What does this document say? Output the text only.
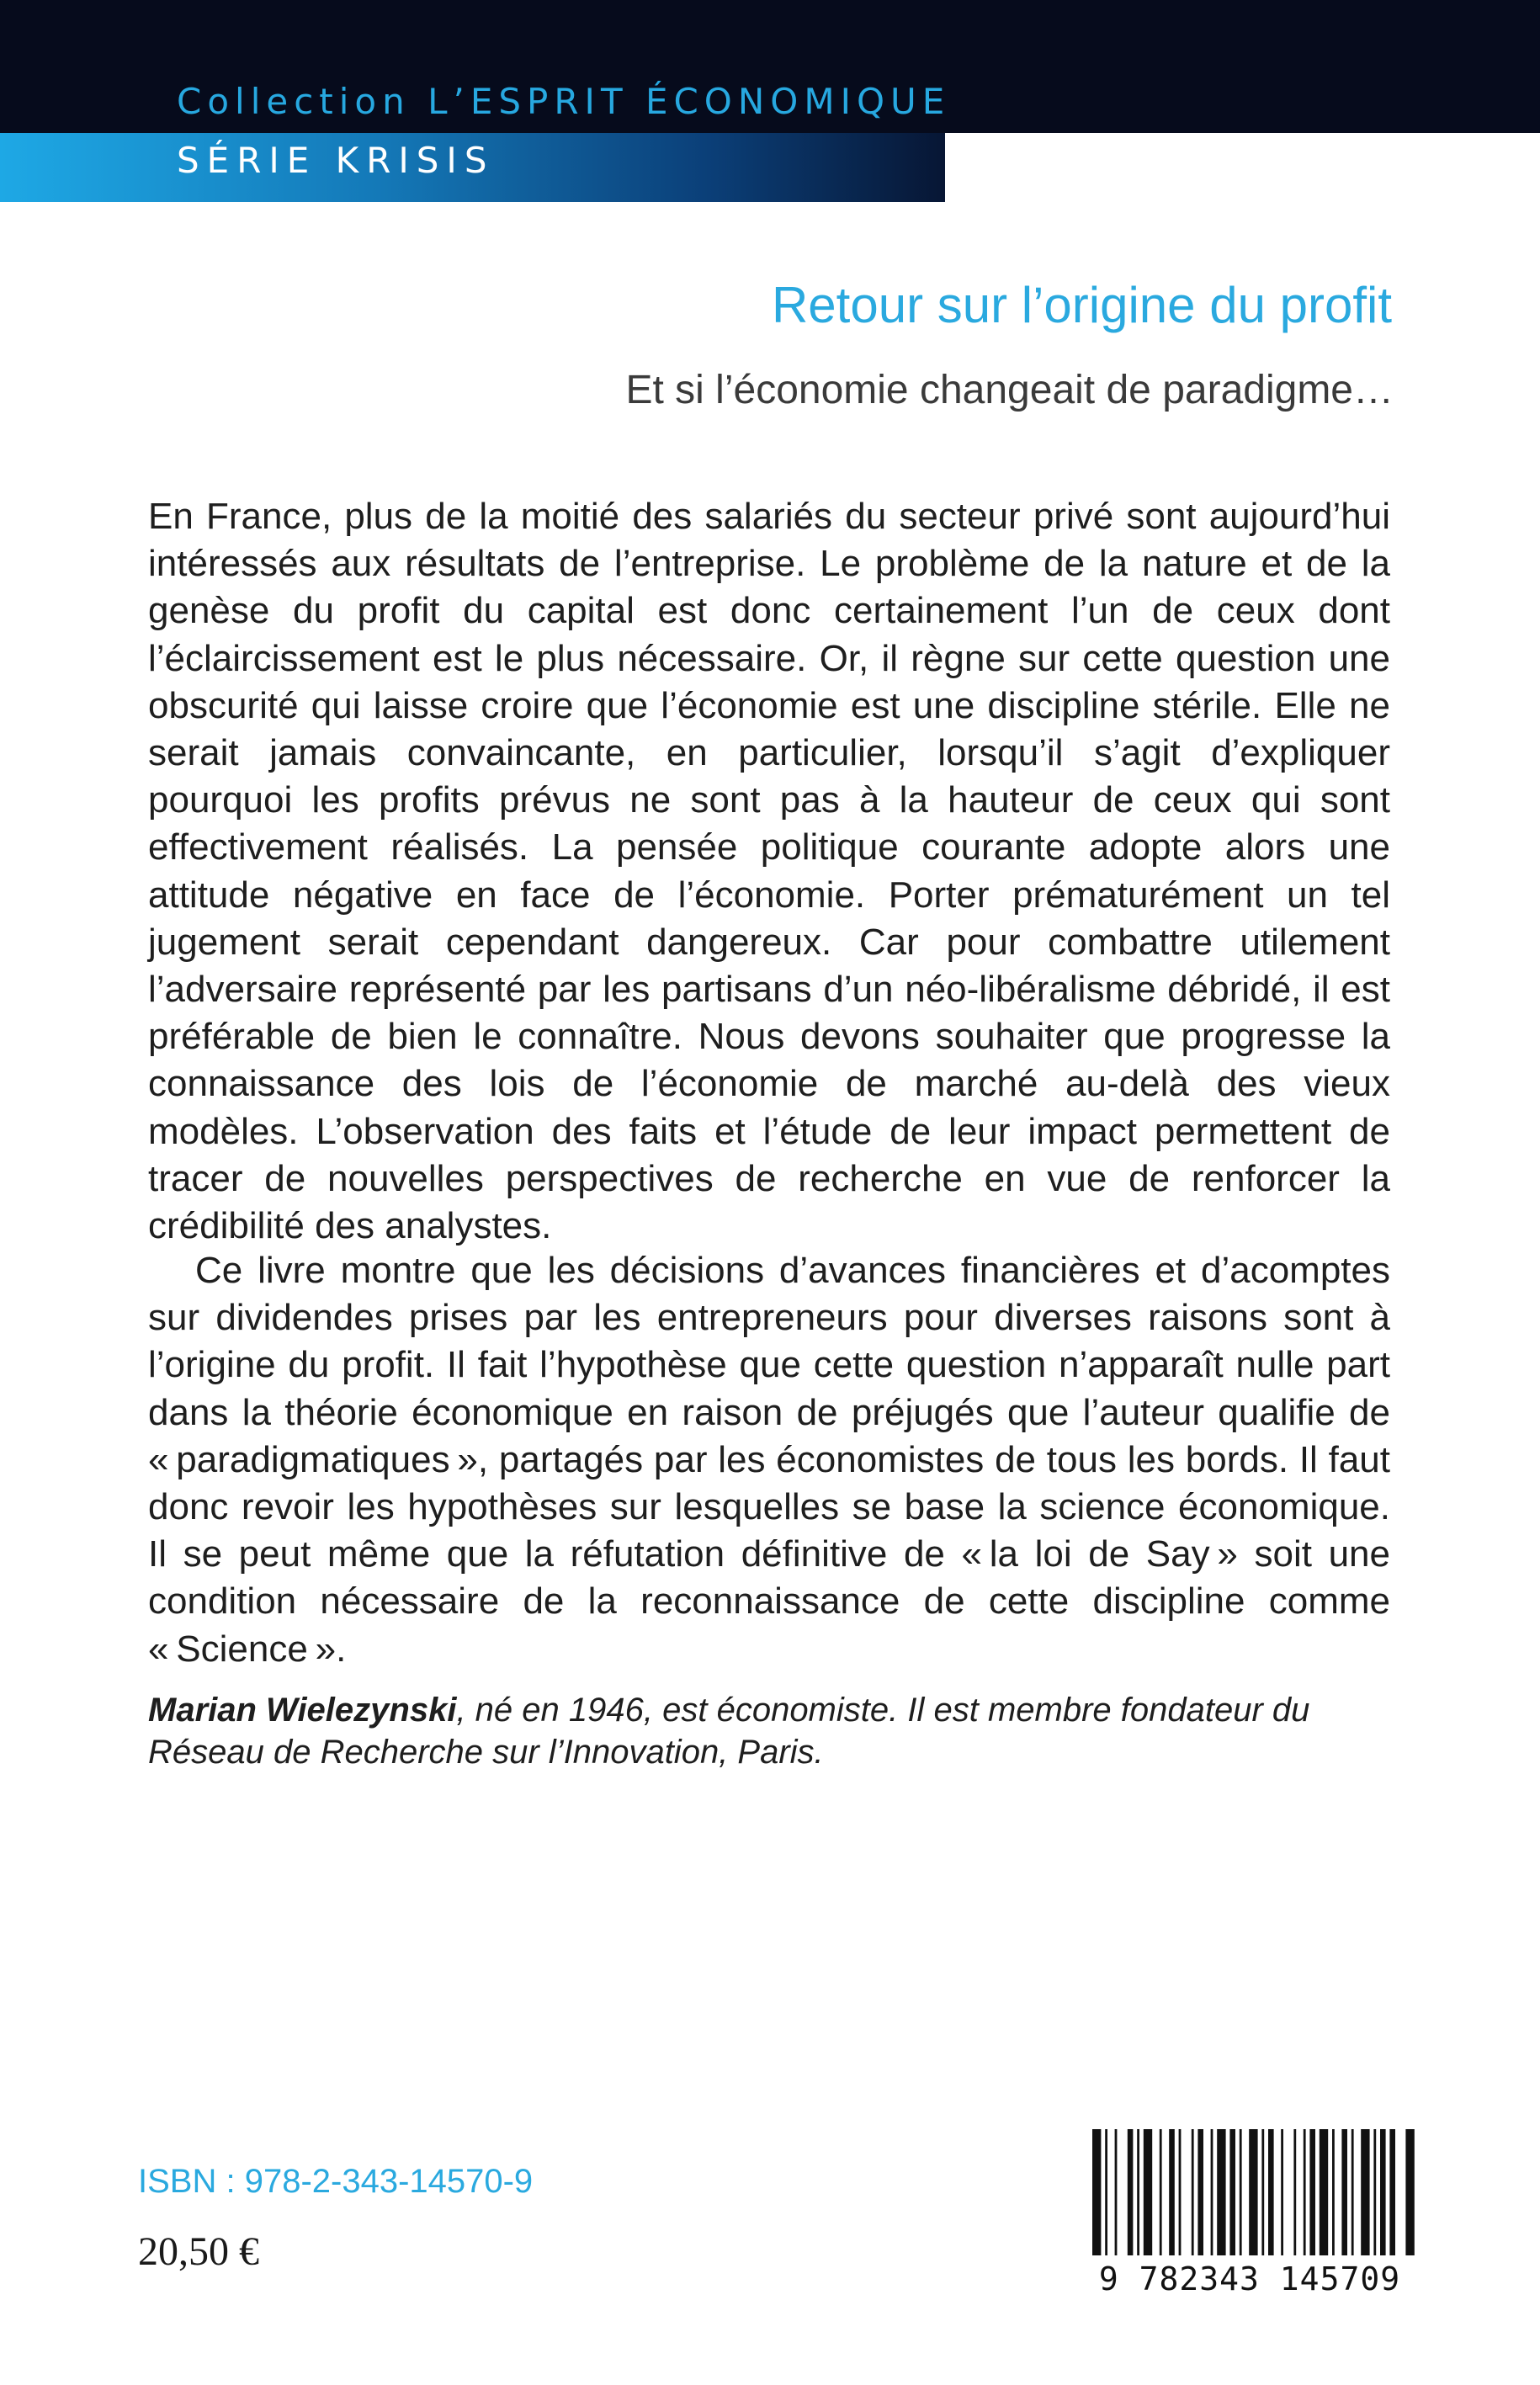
Collection L’ESPRIT ÉCONOMIQUE
SÉRIE KRISIS
Retour sur l’origine du profit
Et si l’économie changeait de paradigme…

En France, plus de la moitié des salariés du secteur privé sont aujourd’hui intéressés aux résultats de l’entreprise. Le problème de la nature et de la genèse du profit du capital est donc certainement l’un de ceux dont l’éclaircissement est le plus nécessaire. Or, il règne sur cette question une obscurité qui laisse croire que l’économie est une discipline stérile. Elle ne serait jamais convaincante, en particulier, lorsqu’il s’agit d’expliquer pourquoi les profits prévus ne sont pas à la hauteur de ceux qui sont effectivement réalisés. La pensée politique courante adopte alors une attitude négative en face de l’économie. Porter prématurément un tel jugement serait cependant dangereux. Car pour combattre utilement l’adversaire représenté par les partisans d’un néo-libéralisme débridé, il est préférable de bien le connaître. Nous devons souhaiter que progresse la connaissance des lois de l’économie de marché au-delà des vieux modèles. L’observation des faits et l’étude de leur impact permettent de tracer de nouvelles perspectives de recherche en vue de renforcer la crédibilité des analystes.

Ce livre montre que les décisions d’avances financières et d’acomptes sur dividendes prises par les entrepreneurs pour diverses raisons sont à l’origine du profit. Il fait l’hypothèse que cette question n’apparaît nulle part dans la théorie économique en raison de préjugés que l’auteur qualifie de « paradigmatiques », partagés par les économistes de tous les bords. Il faut donc revoir les hypothèses sur lesquelles se base la science économique. Il se peut même que la réfutation définitive de « la loi de Say » soit une condition nécessaire de la reconnaissance de cette discipline comme « Science ».

Marian Wielezynski, né en 1946, est économiste. Il est membre fondateur du Réseau de Recherche sur l’Innovation, Paris.

ISBN : 978-2-343-14570-9
20,50 €
9 782343 145709
